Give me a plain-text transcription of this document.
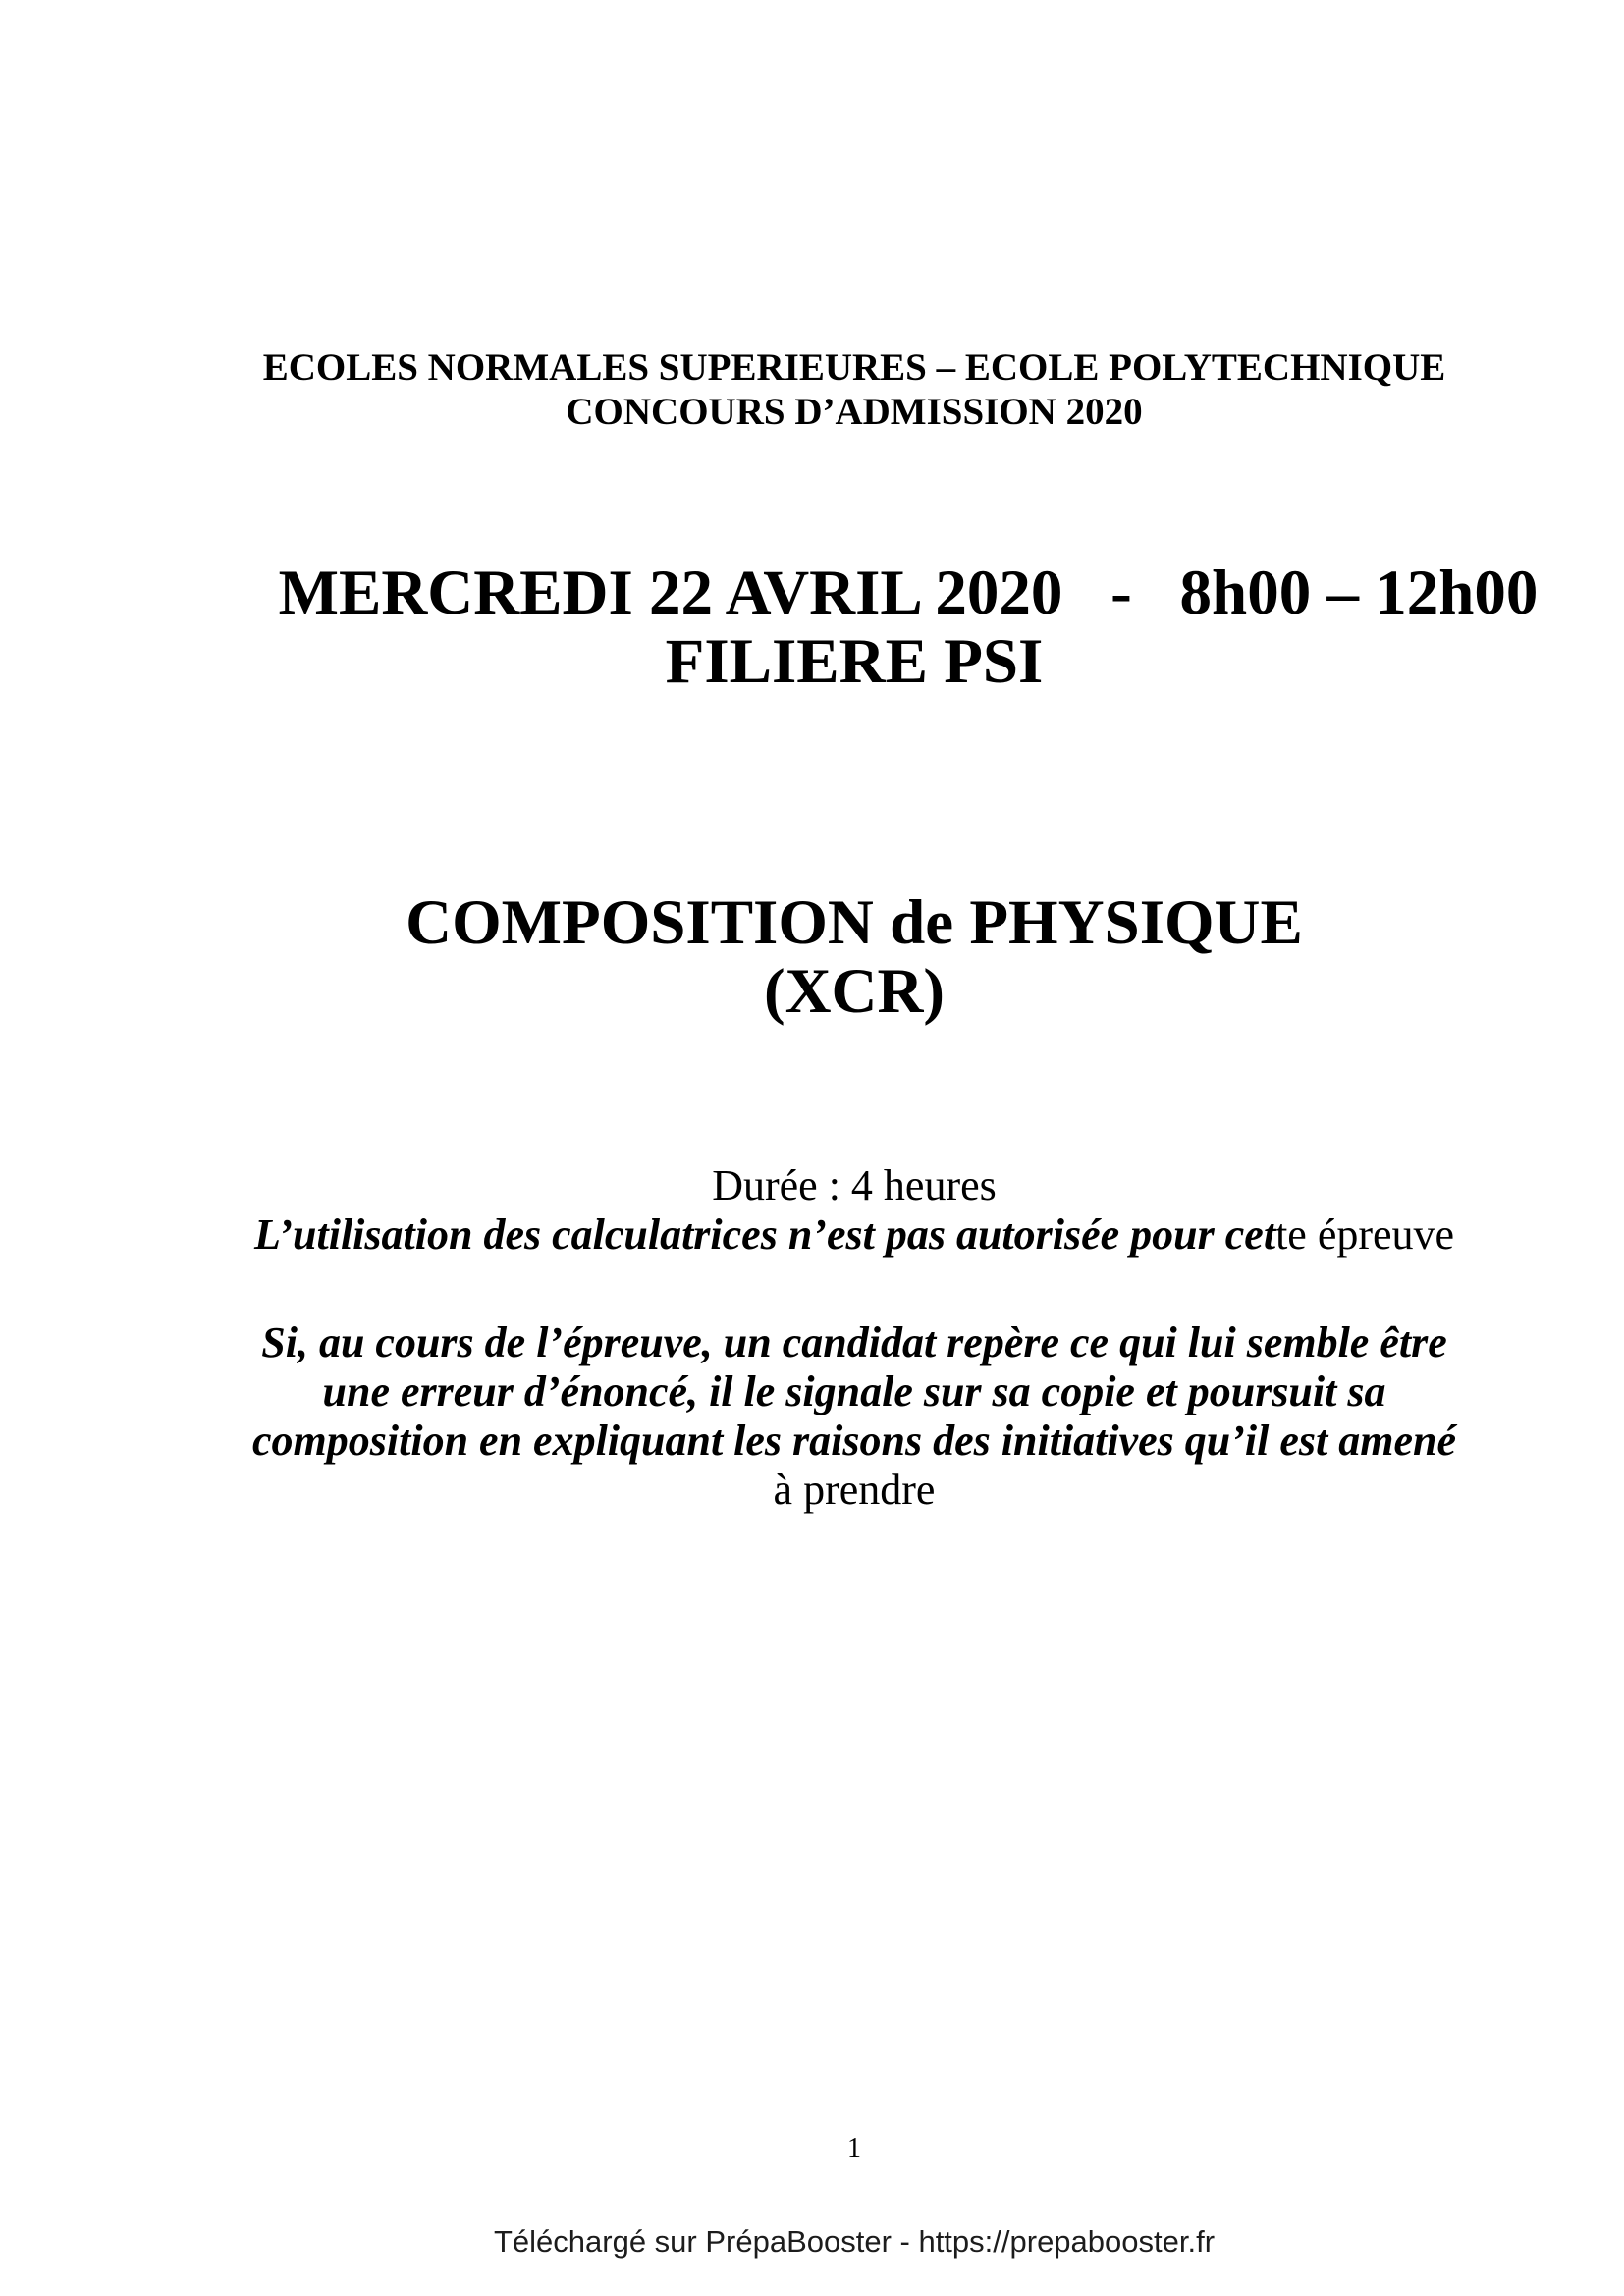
ECOLES NORMALES SUPERIEURES – ECOLE POLYTECHNIQUE
CONCOURS D’ADMISSION 2020
MERCREDI 22 AVRIL 2020   -   8h00 – 12h00
FILIERE PSI
COMPOSITION de PHYSIQUE
(XCR)
Durée : 4 heures
L’utilisation des calculatrices n’est pas autorisée pour cette épreuve
Si, au cours de l’épreuve, un candidat repère ce qui lui semble être
une erreur d’énoncé, il le signale sur sa copie et poursuit sa
composition en expliquant les raisons des initiatives qu’il est amené
à prendre
1
Téléchargé sur PrépaBooster - https://prepabooster.fr
